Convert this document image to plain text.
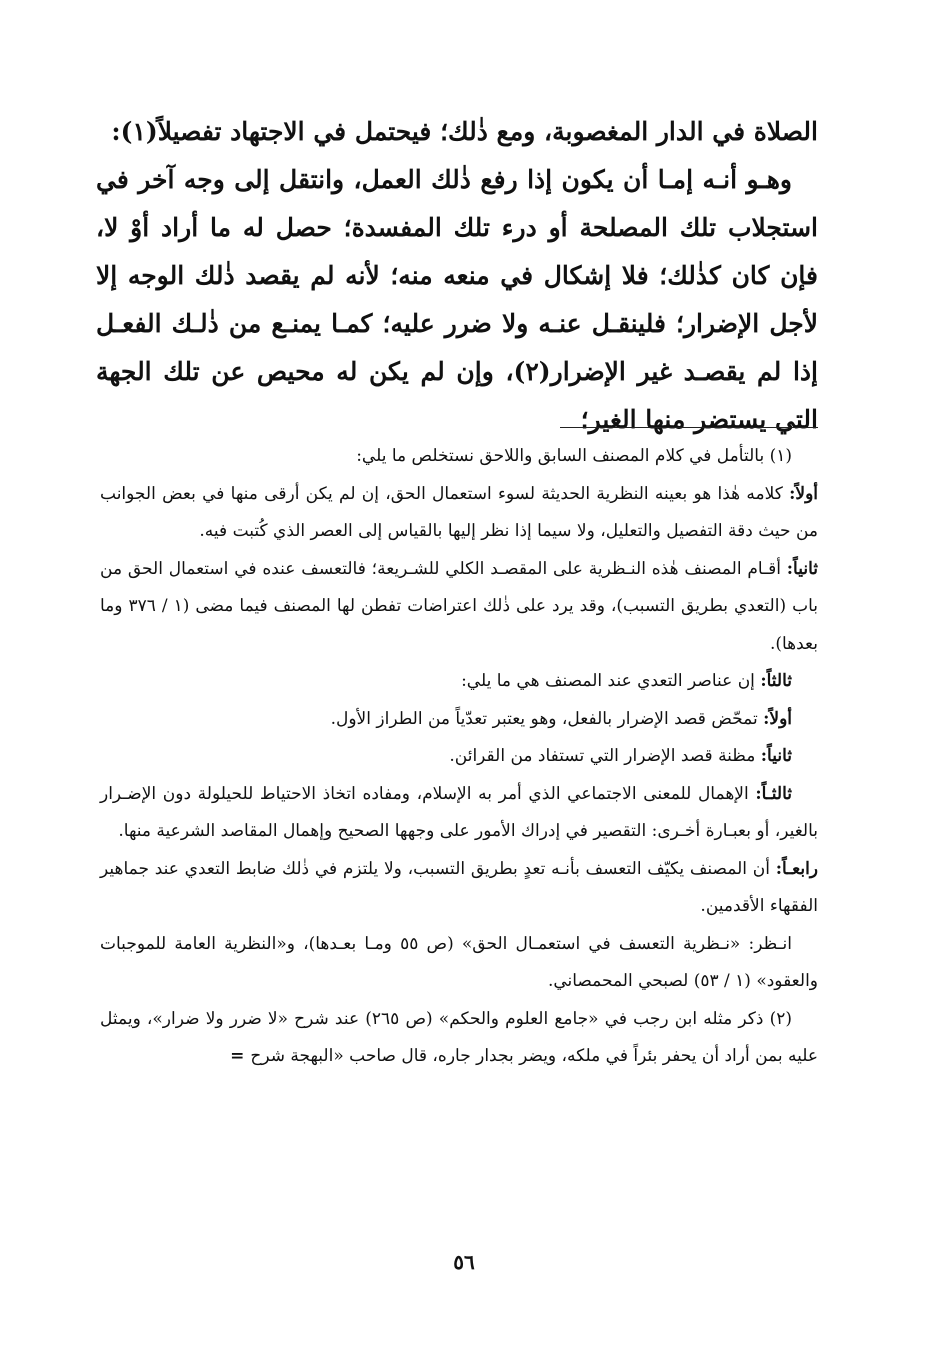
الصلاة في الدار المغصوبة، ومع ذٰلك؛ فيحتمل في الاجتهاد تفصيلاً(١):

وهـو أنـه إمـا أن يكون إذا رفع ذٰلك العمل، وانتقل إلى وجه آخر في استجلاب تلك المصلحة أو درء تلك المفسدة؛ حصل له ما أراد أوْ لا، فإن كان كذٰلك؛ فلا إشكال في منعه منه؛ لأنه لم يقصد ذٰلك الوجه إلا لأجل الإضرار؛ فلينقـل عنـه ولا ضرر عليه؛ كمـا يمنـع من ذٰلـك الفعـل إذا لم يقصـد غير الإضرار(٢)، وإن لم يكن له محيص عن تلك الجهة التي يستضر منها الغير؛

(١) بالتأمل في كلام المصنف السابق واللاحق نستخلص ما يلي:

أولاً: كلامه هٰذا هو بعينه النظرية الحديثة لسوء استعمال الحق، إن لم يكن أرقى منها في بعض الجوانب من حيث دقة التفصيل والتعليل، ولا سيما إذا نظر إليها بالقياس إلى العصر الذي كُتبت فيه.

ثانياً: أقـام المصنف هٰذه النـظرية على المقصـد الكلي للشـريعة؛ فالتعسف عنده في استعمال الحق من باب (التعدي بطريق التسبب)، وقد يرد على ذٰلك اعتراضات تفطن لها المصنف فيما مضى (١ / ٣٧٦ وما بعدها).

ثالثاً: إن عناصر التعدي عند المصنف هي ما يلي:

أولاً: تمحّض قصد الإضرار بالفعل، وهو يعتبر تعدّياً من الطراز الأول.

ثانياً: مظنة قصد الإضرار التي تستفاد من القرائن.

ثالثـاً: الإهمال للمعنى الاجتماعي الذي أمر به الإسلام، ومفاده اتخاذ الاحتياط للحيلولة دون الإضـرار بالغير، أو بعبـارة أخـرى: التقصير في إدراك الأمور على وجهها الصحيح وإهمال المقاصد الشرعية منها.

رابعـاً: أن المصنف يكيّف التعسف بأنـه تعدٍ بطريق التسبب، ولا يلتزم في ذٰلك ضابط التعدي عند جماهير الفقهاء الأقدمين.

انـظر: «نـظرية التعسف في استعمـال الحق» (ص ٥٥ ومـا بعـدها)، و«النظرية العامة للموجبات والعقود» (١ / ٥٣) لصبحي المحمصاني.

(٢) ذكر مثله ابن رجب في «جامع العلوم والحكم» (ص ٢٦٥) عند شرح «لا ضرر ولا ضرار»، ويمثل عليه بمن أراد أن يحفر بئراً في ملكه، ويضر بجدار جاره، قال صاحب «البهجة شرح=

٥٦
